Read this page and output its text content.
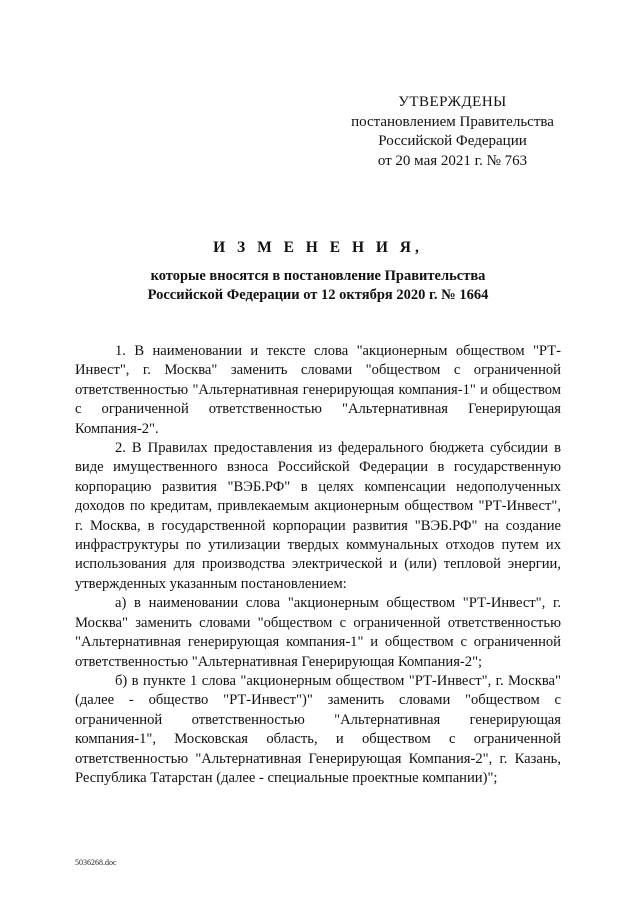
УТВЕРЖДЕНЫ
постановлением Правительства
Российской Федерации
от 20 мая 2021 г. № 763
И З М Е Н Е Н И Я,
которые вносятся в постановление Правительства
Российской Федерации от 12 октября 2020 г. № 1664

1. В наименовании и тексте слова "акционерным обществом "РТ-Инвест", г. Москва" заменить словами "обществом с ограниченной ответственностью "Альтернативная генерирующая компания-1" и обществом с ограниченной ответственностью "Альтернативная Генерирующая Компания-2".

2. В Правилах предоставления из федерального бюджета субсидии в виде имущественного взноса Российской Федерации в государственную корпорацию развития "ВЭБ.РФ" в целях компенсации недополученных доходов по кредитам, привлекаемым акционерным обществом "РТ-Инвест", г. Москва, в государственной корпорации развития "ВЭБ.РФ" на создание инфраструктуры по утилизации твердых коммунальных отходов путем их использования для производства электрической и (или) тепловой энергии, утвержденных указанным постановлением:

а) в наименовании слова "акционерным обществом "РТ-Инвест", г. Москва" заменить словами "обществом с ограниченной ответственностью "Альтернативная генерирующая компания-1" и обществом с ограниченной ответственностью "Альтернативная Генерирующая Компания-2";

б) в пункте 1 слова "акционерным обществом "РТ-Инвест", г. Москва" (далее - общество "РТ-Инвест")" заменить словами "обществом с ограниченной ответственностью "Альтернативная генерирующая компания-1", Московская область, и обществом с ограниченной ответственностью "Альтернативная Генерирующая Компания-2", г. Казань, Республика Татарстан (далее - специальные проектные компании)";

5036268.doc
